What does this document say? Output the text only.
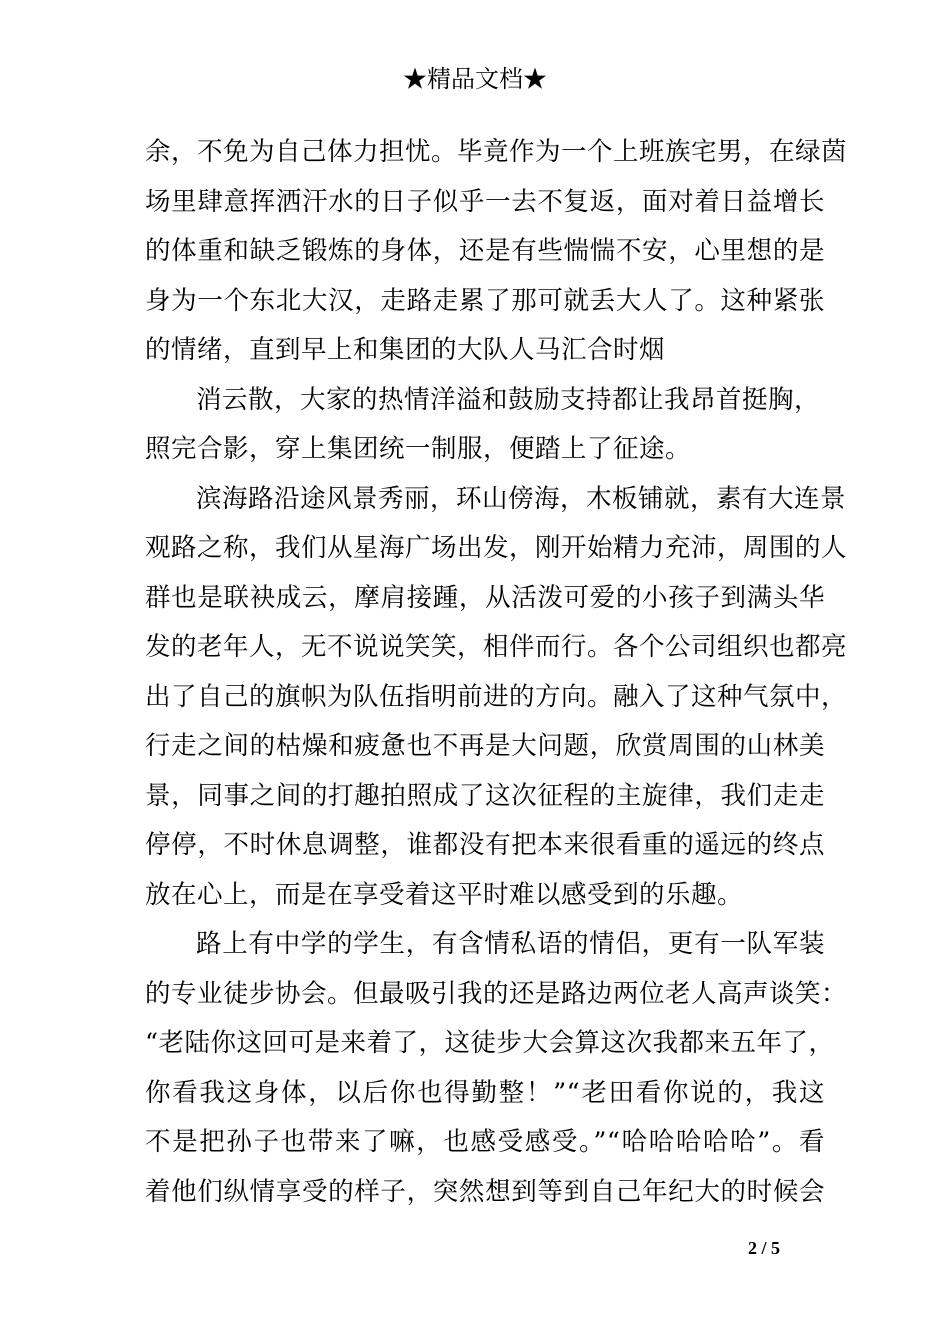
★精品文档★
余，不免为自己体力担忧。毕竟作为一个上班族宅男，在绿茵
场里肆意挥洒汗水的日子似乎一去不复返，面对着日益增长
的体重和缺乏锻炼的身体，还是有些惴惴不安，心里想的是
身为一个东北大汉，走路走累了那可就丢大人了。这种紧张
的情绪，直到早上和集团的大队人马汇合时烟
消云散，大家的热情洋溢和鼓励支持都让我昂首挺胸，
照完合影，穿上集团统一制服，便踏上了征途。
滨海路沿途风景秀丽，环山傍海，木板铺就，素有大连景
观路之称，我们从星海广场出发，刚开始精力充沛，周围的人
群也是联袂成云，摩肩接踵，从活泼可爱的小孩子到满头华
发的老年人，无不说说笑笑，相伴而行。各个公司组织也都亮
出了自己的旗帜为队伍指明前进的方向。融入了这种气氛中，
行走之间的枯燥和疲惫也不再是大问题，欣赏周围的山林美
景，同事之间的打趣拍照成了这次征程的主旋律，我们走走
停停，不时休息调整，谁都没有把本来很看重的遥远的终点
放在心上，而是在享受着这平时难以感受到的乐趣。
路上有中学的学生，有含情私语的情侣，更有一队军装
的专业徒步协会。但最吸引我的还是路边两位老人高声谈笑：
“老陆你这回可是来着了，这徒步大会算这次我都来五年了，
你看我这身体，以后你也得勤整！”“老田看你说的，我这
不是把孙子也带来了嘛，也感受感受。”“哈哈哈哈哈”。看
着他们纵情享受的样子，突然想到等到自己年纪大的时候会
2 / 5
